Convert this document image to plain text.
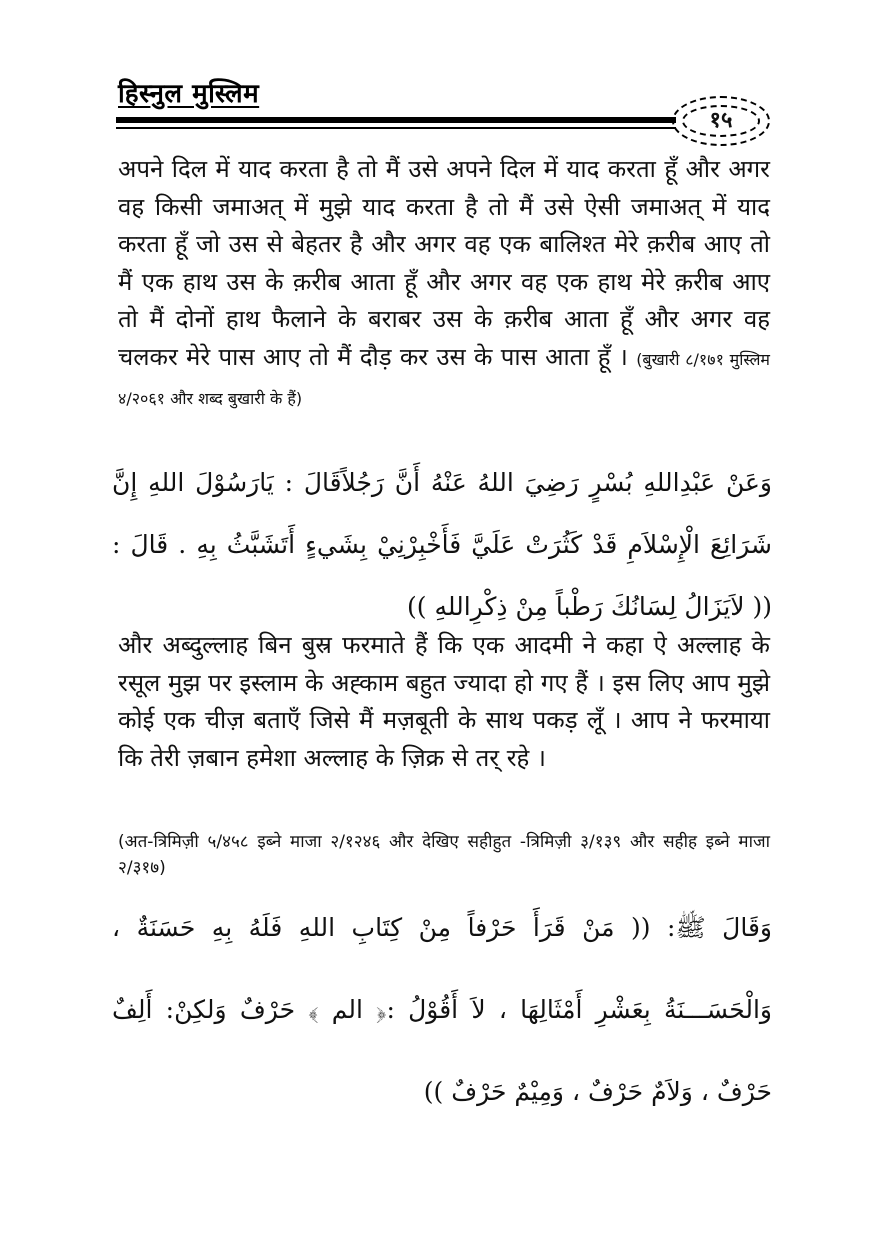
हिस्नुल मुस्लिम
१५
अपने दिल में याद करता है तो मैं उसे अपने दिल में याद करता हूँ और अगर वह किसी जमाअत् में मुझे याद करता है तो मैं उसे ऐसी जमाअत् में याद करता हूँ जो उस से बेहतर है और अगर वह एक बालिश्त मेरे क़रीब आए तो मैं एक हाथ उस के क़रीब आता हूँ और अगर वह एक हाथ मेरे क़रीब आए तो मैं दोनों हाथ फैलाने के बराबर उस के क़रीब आता हूँ और अगर वह चलकर मेरे पास आए तो मैं दौड़ कर उस के पास आता हूँ । (बुखारी ८/१७१ मुस्लिम ४/२०६१ और शब्द बुखारी के हैं)
وَعَنْ عَبْدِاللهِ بُسْرٍ رَضِيَ اللهُ عَنْهُ أَنَّ رَجُلاًقَالَ : يَارَسُوْلَ اللهِ إِنَّ شَرَائِعَ الْإِسْلاَمِ قَدْ كَثُرَتْ عَلَيَّ فَأَخْبِرْنِيْ بِشَيءٍ أَتَشَبَّثُ بِهِ . قَالَ : (( لاَيَزَالُ لِسَانُكَ رَطْباً مِنْ ذِكْرِاللهِ ))
और अब्दुल्लाह बिन बुस्र फरमाते हैं कि एक आदमी ने कहा ऐ अल्लाह के रसूल मुझ पर इस्लाम के अह्काम बहुत ज्यादा हो गए हैं । इस लिए आप मुझे कोई एक चीज़ बताएँ जिसे मैं मज़बूती के साथ पकड़ लूँ । आप ने फरमाया कि तेरी ज़बान हमेशा अल्लाह के ज़िक्र से तर् रहे ।
(अत-त्रिमिज़ी ५/४५८ इब्ने माजा २/१२४६ और देखिए सहीहुत -त्रिमिज़ी ३/१३९ और सहीह इब्ने माजा २/३१७)
وَقَالَ ﷺ: (( مَنْ قَرَأَ حَرْفاً مِنْ كِتَابِ اللهِ فَلَهُ بِهِ حَسَنَةٌ ، وَالْحَسَـــنَةُ بِعَشْرِ أَمْثَالِهَا ، لاَ أَقُوْلُ :﴿ الم ﴾ حَرْفٌ وَلكِنْ: أَلِفٌ حَرْفٌ ، وَلاَمٌ حَرْفٌ ، وَمِيْمٌ حَرْفٌ ))
